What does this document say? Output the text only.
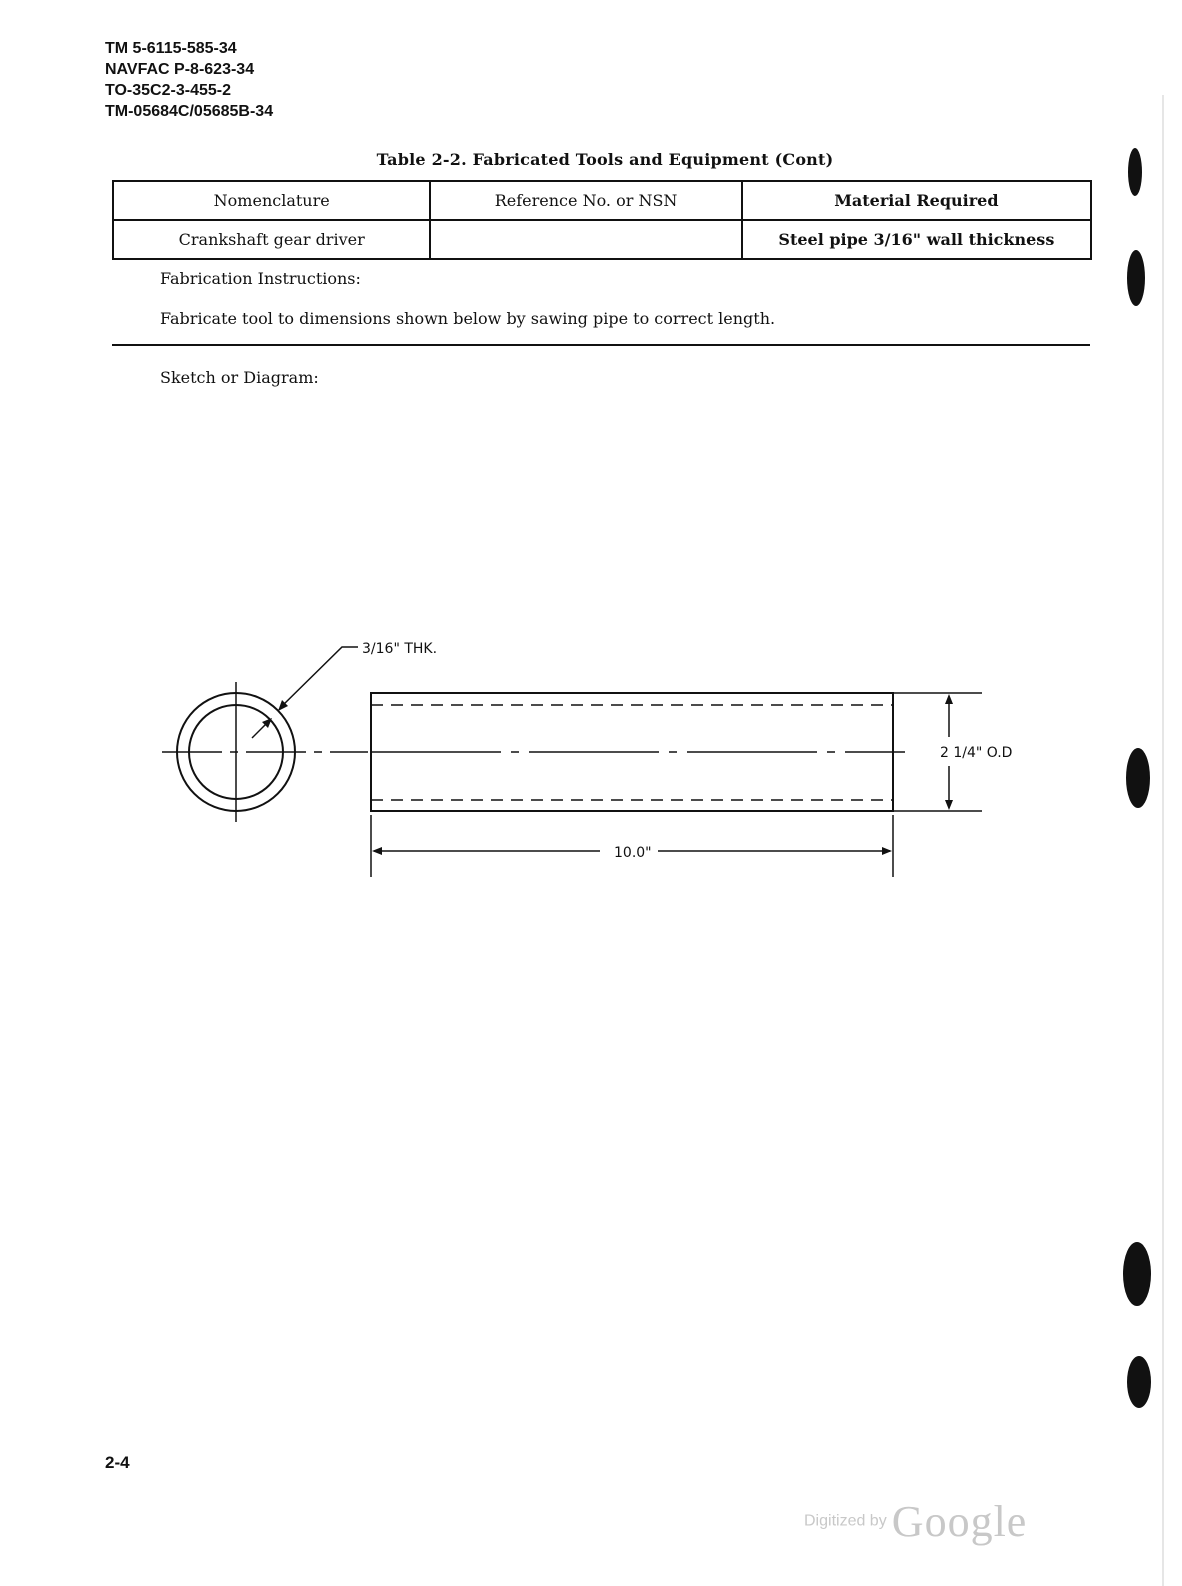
TM 5-6115-585-34
NAVFAC P-8-623-34
TO-35C2-3-455-2
TM-05684C/05685B-34
Table 2-2. Fabricated Tools and Equipment (Cont)
Nomenclature	Reference No. or NSN	Material Required
Crankshaft gear driver		Steel pipe 3/16" wall thickness
Fabrication Instructions:
Fabricate tool to dimensions shown below by sawing pipe to correct length.
Sketch or Diagram:
3/16" THK.
2 1/4" O.D
10.0"
2-4
Digitized by Google
